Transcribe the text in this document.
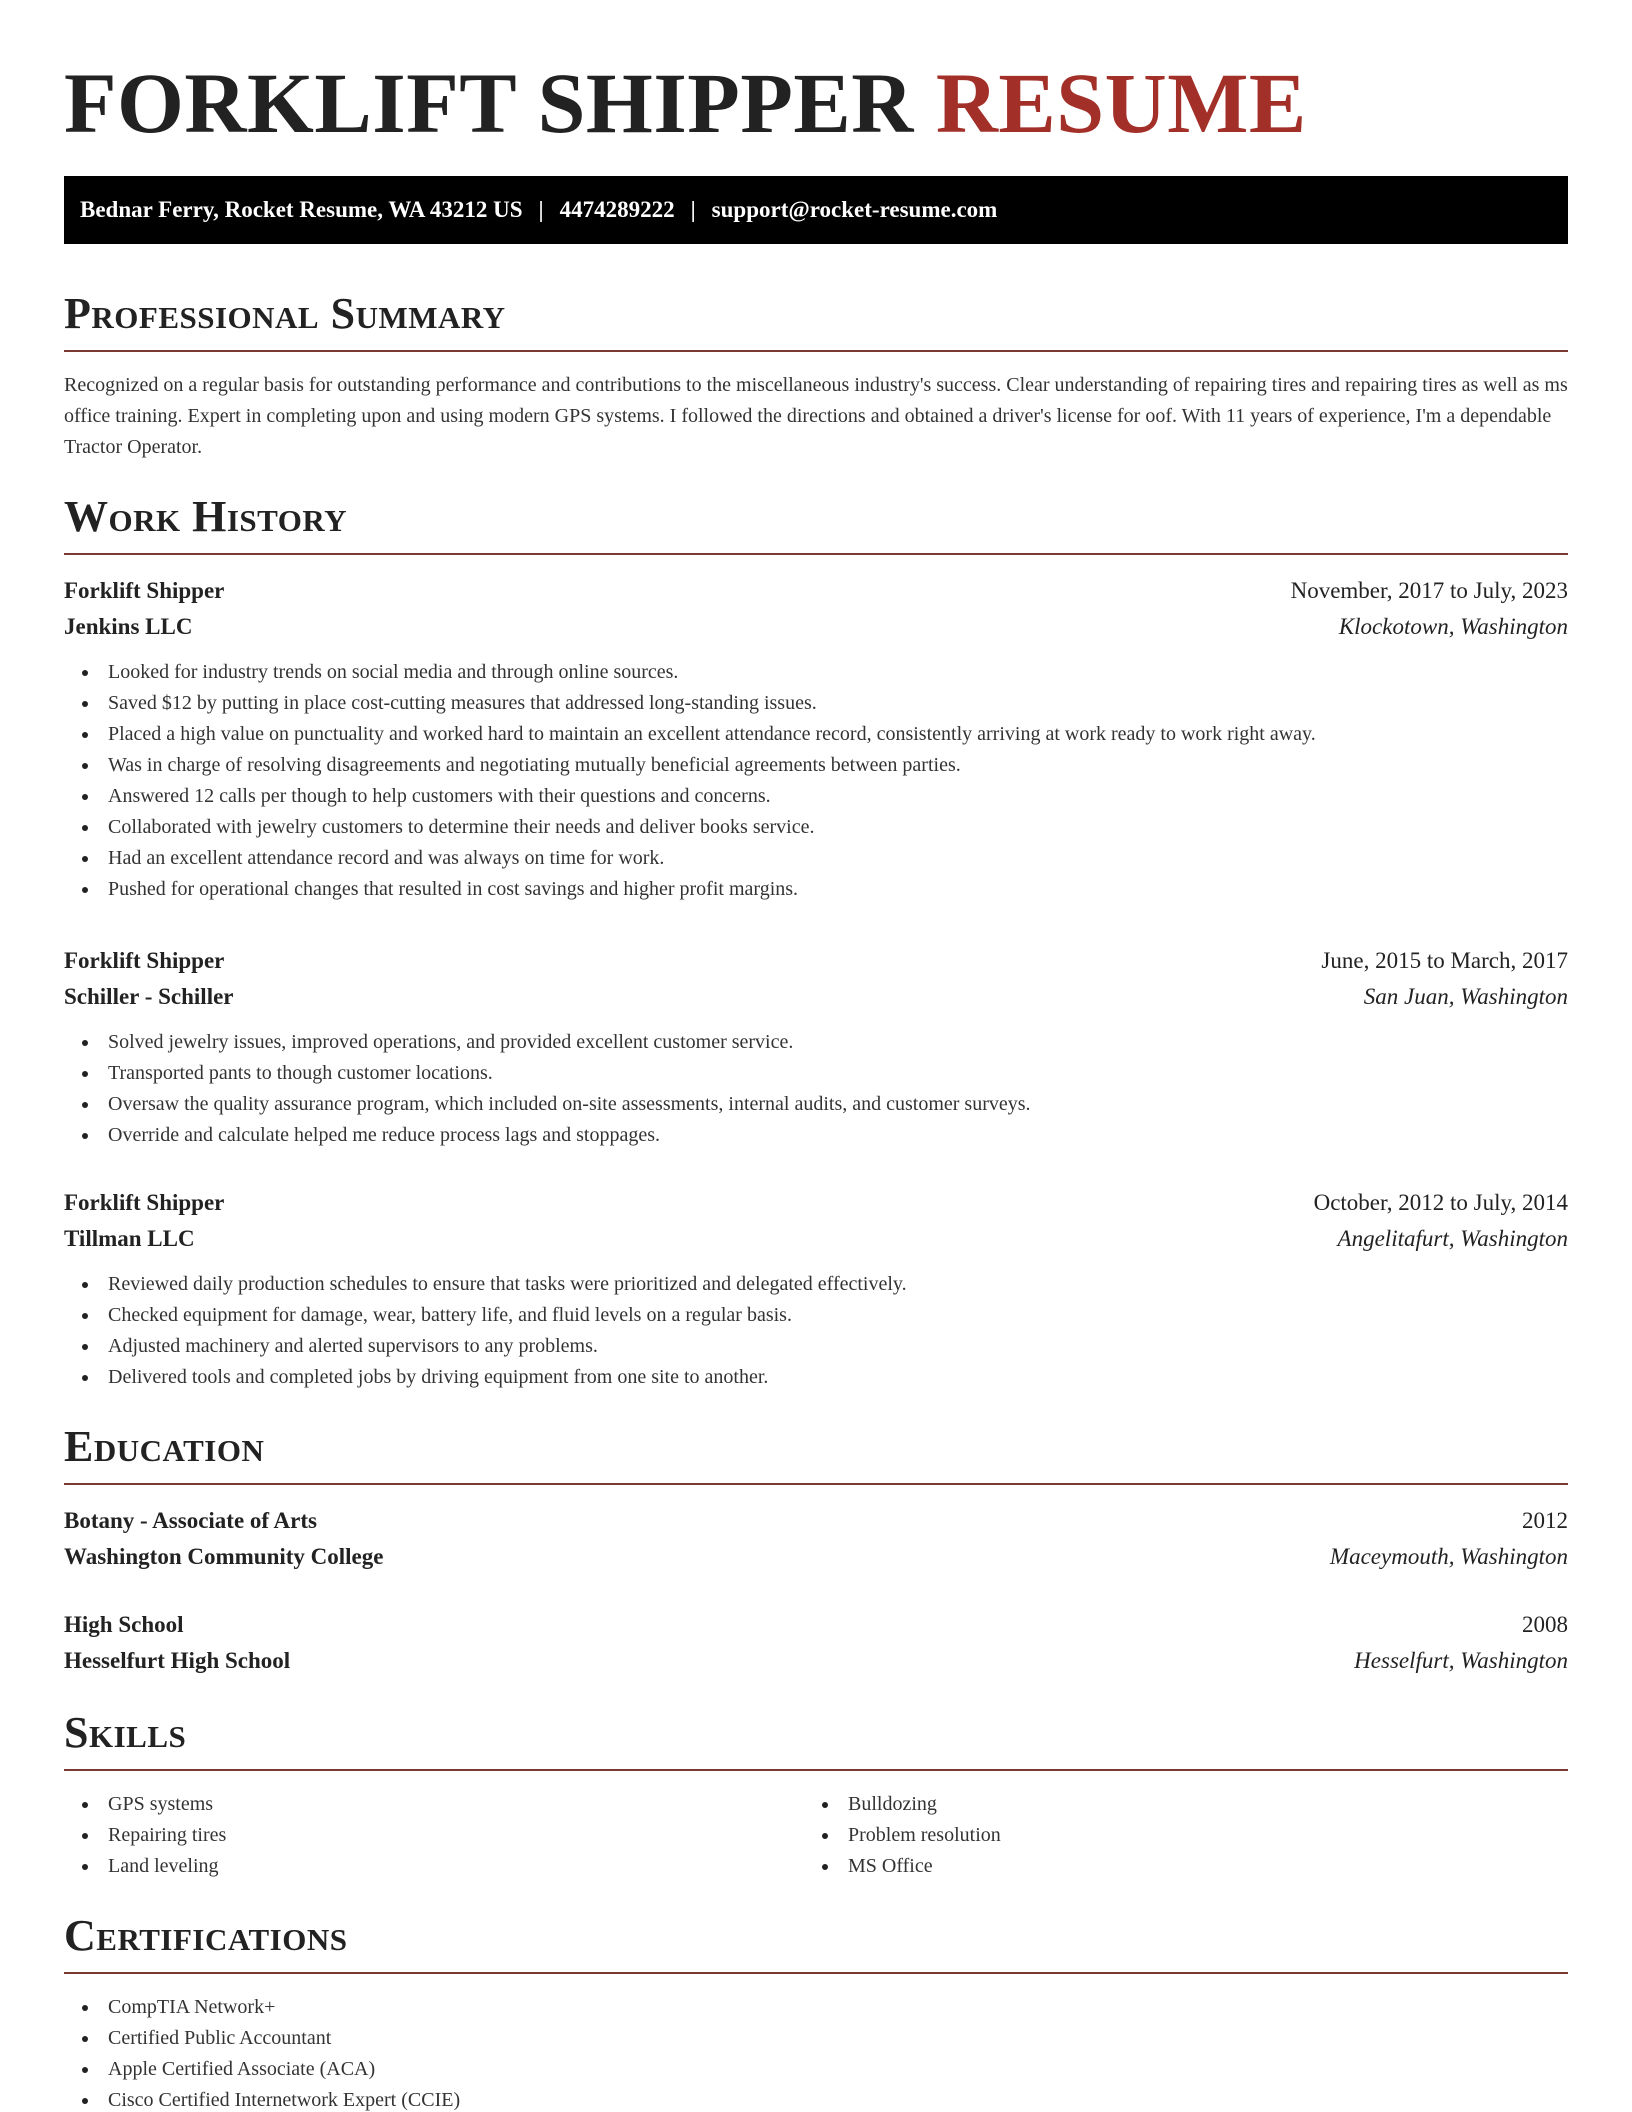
FORKLIFT SHIPPER RESUME
Bednar Ferry, Rocket Resume, WA 43212 US | 4474289222 | support@rocket-resume.com
Professional Summary

Recognized on a regular basis for outstanding performance and contributions to the miscellaneous industry's success. Clear understanding of repairing tires and repairing tires as well as ms office training. Expert in completing upon and using modern GPS systems. I followed the directions and obtained a driver's license for oof. With 11 years of experience, I'm a dependable Tractor Operator.

Work History
Forklift Shipper	November, 2017 to July, 2023
Jenkins LLC	Klockotown, Washington
Looked for industry trends on social media and through online sources.
Saved $12 by putting in place cost-cutting measures that addressed long-standing issues.
Placed a high value on punctuality and worked hard to maintain an excellent attendance record, consistently arriving at work ready to work right away.
Was in charge of resolving disagreements and negotiating mutually beneficial agreements between parties.
Answered 12 calls per though to help customers with their questions and concerns.
Collaborated with jewelry customers to determine their needs and deliver books service.
Had an excellent attendance record and was always on time for work.
Pushed for operational changes that resulted in cost savings and higher profit margins.
Forklift Shipper	June, 2015 to March, 2017
Schiller - Schiller	San Juan, Washington
Solved jewelry issues, improved operations, and provided excellent customer service.
Transported pants to though customer locations.
Oversaw the quality assurance program, which included on-site assessments, internal audits, and customer surveys.
Override and calculate helped me reduce process lags and stoppages.
Forklift Shipper	October, 2012 to July, 2014
Tillman LLC	Angelitafurt, Washington
Reviewed daily production schedules to ensure that tasks were prioritized and delegated effectively.
Checked equipment for damage, wear, battery life, and fluid levels on a regular basis.
Adjusted machinery and alerted supervisors to any problems.
Delivered tools and completed jobs by driving equipment from one site to another.
Education
Botany - Associate of Arts	2012
Washington Community College	Maceymouth, Washington
High School	2008
Hesselfurt High School	Hesselfurt, Washington
Skills
GPS systems
Repairing tires
Land leveling
Bulldozing
Problem resolution
MS Office
Certifications
CompTIA Network+
Certified Public Accountant
Apple Certified Associate (ACA)
Cisco Certified Internetwork Expert (CCIE)
